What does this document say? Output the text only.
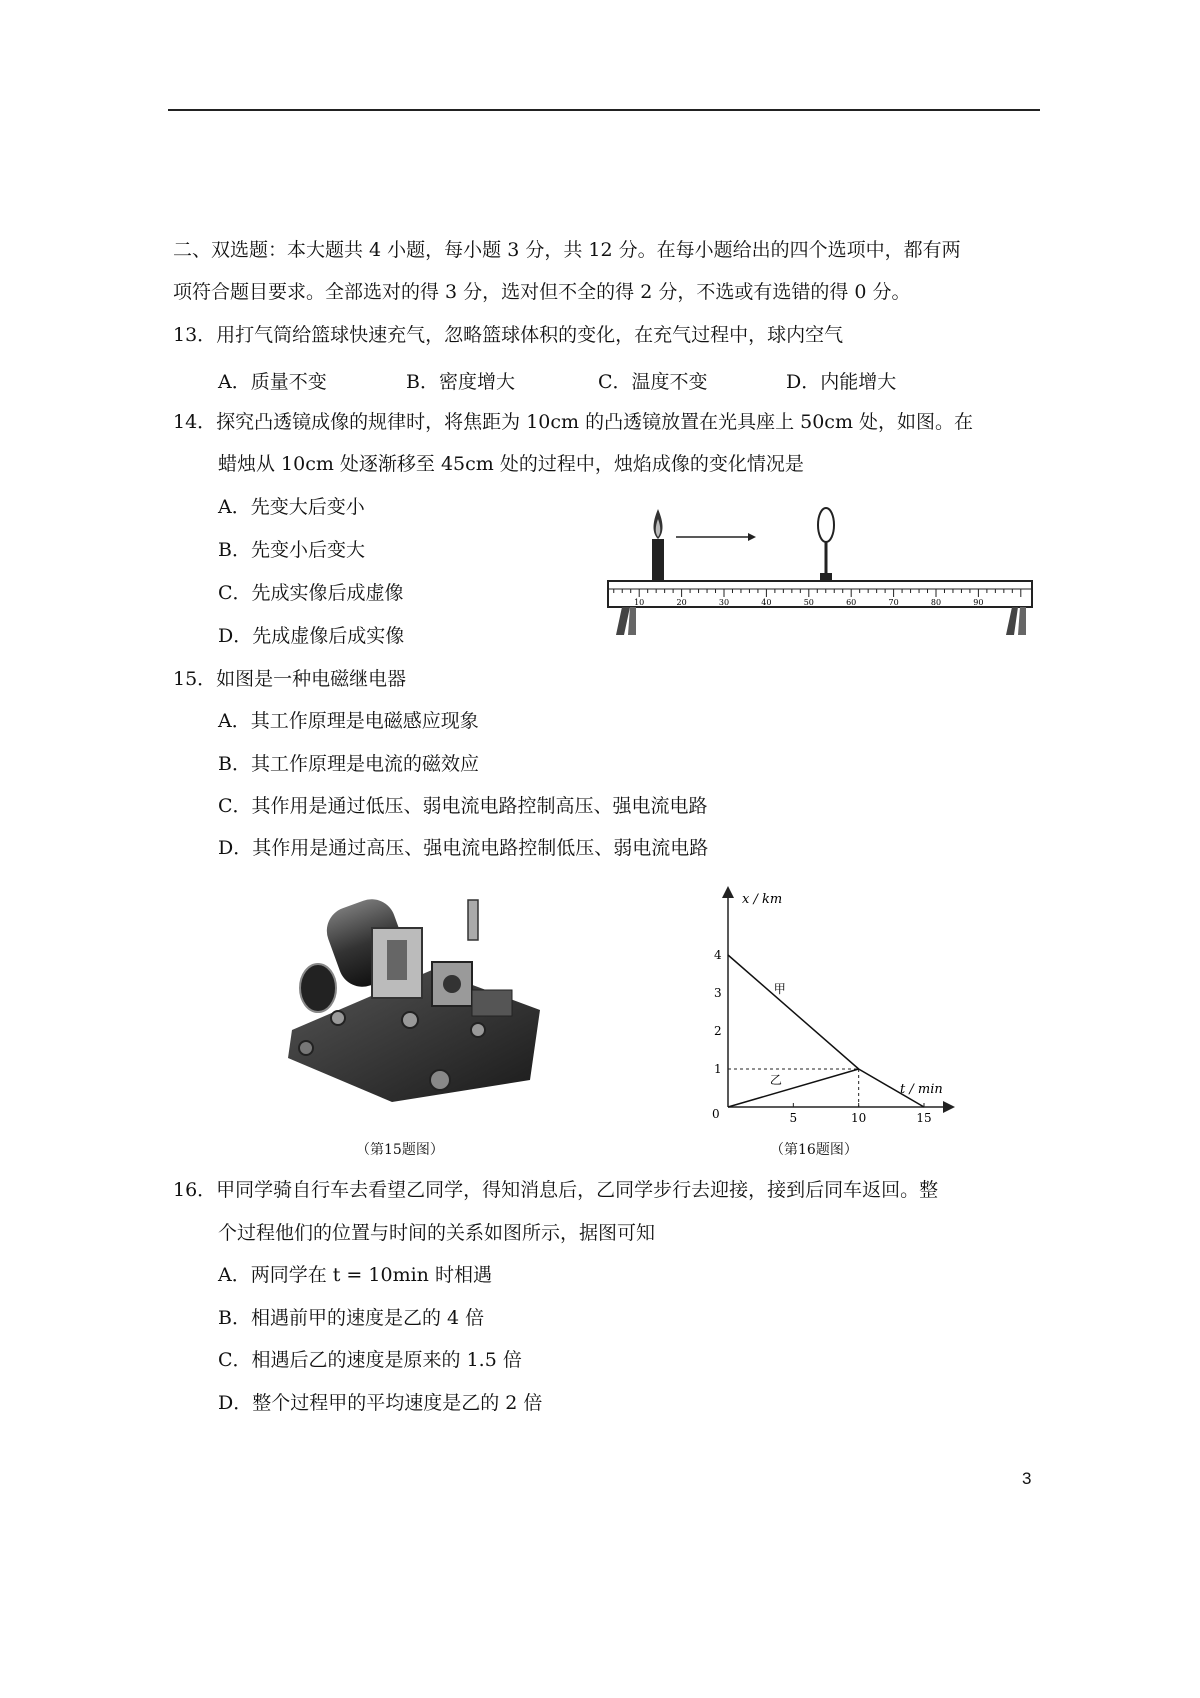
二、双选题：本大题共 4 小题，每小题 3 分，共 12 分。在每小题给出的四个选项中，都有两
项符合题目要求。全部选对的得 3 分，选对但不全的得 2 分，不选或有选错的得 0 分。
13．用打气筒给篮球快速充气，忽略篮球体积的变化，在充气过程中，球内空气
A．质量不变	B．密度增大	C．温度不变	D．内能增大
14．探究凸透镜成像的规律时，将焦距为 10cm 的凸透镜放置在光具座上 50cm 处，如图。在
蜡烛从 10cm 处逐渐移至 45cm 处的过程中，烛焰成像的变化情况是
A．先变大后变小
B．先变小后变大
C．先成实像后成虚像
D．先成虚像后成实像
10	20	30	40	50	60	70	80	90
15．如图是一种电磁继电器
A．其工作原理是电磁感应现象
B．其工作原理是电流的磁效应
C．其作用是通过低压、弱电流电路控制高压、强电流电路
D．其作用是通过高压、强电流电路控制低压、弱电流电路
（第15题图）
甲
乙
1
2
3
4
5	10	15
x / km
t / min
0
（第16题图）
16．甲同学骑自行车去看望乙同学，得知消息后，乙同学步行去迎接，接到后同车返回。整
个过程他们的位置与时间的关系如图所示，据图可知
A．两同学在 t = 10min 时相遇
B．相遇前甲的速度是乙的 4 倍
C．相遇后乙的速度是原来的 1.5 倍
D．整个过程甲的平均速度是乙的 2 倍
3
